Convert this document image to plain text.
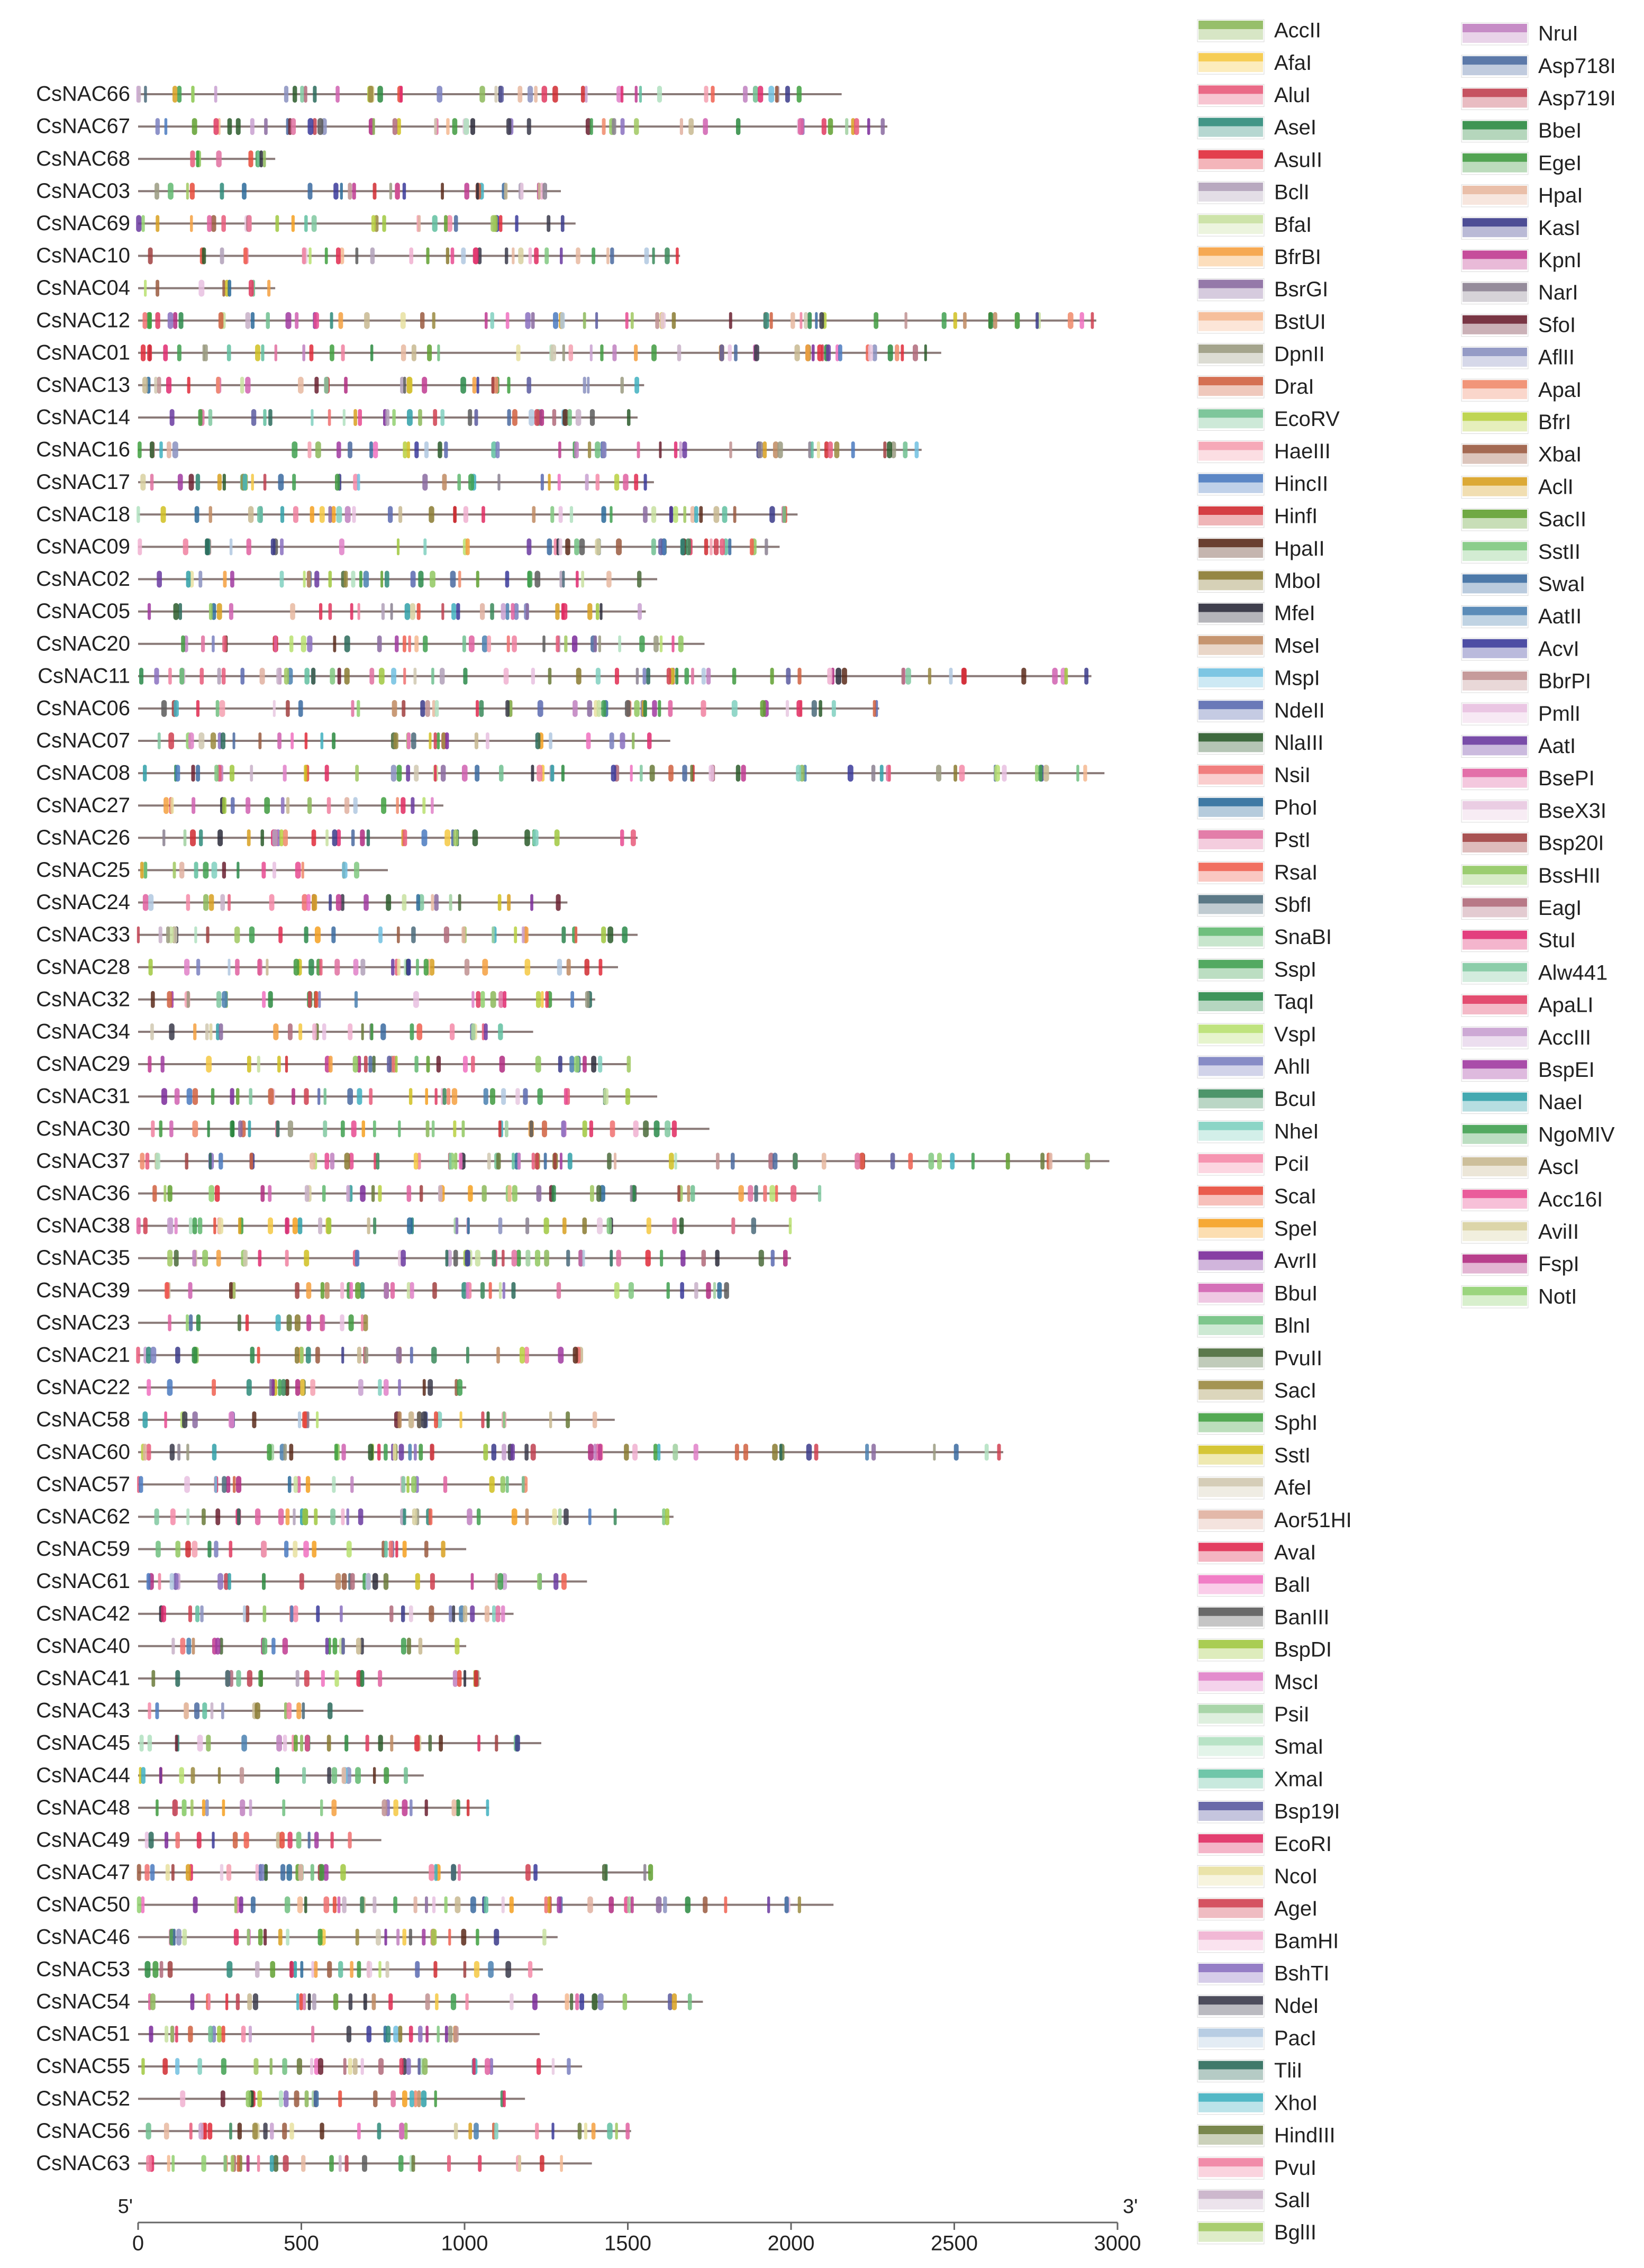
CsNAC66
CsNAC67
CsNAC68
CsNAC03
CsNAC69
CsNAC10
CsNAC04
CsNAC12
CsNAC01
CsNAC13
CsNAC14
CsNAC16
CsNAC17
CsNAC18
CsNAC09
CsNAC02
CsNAC05
CsNAC20
CsNAC11
CsNAC06
CsNAC07
CsNAC08
CsNAC27
CsNAC26
CsNAC25
CsNAC24
CsNAC33
CsNAC28
CsNAC32
CsNAC34
CsNAC29
CsNAC31
CsNAC30
CsNAC37
CsNAC36
CsNAC38
CsNAC35
CsNAC39
CsNAC23
CsNAC21
CsNAC22
CsNAC58
CsNAC60
CsNAC57
CsNAC62
CsNAC59
CsNAC61
CsNAC42
CsNAC40
CsNAC41
CsNAC43
CsNAC45
CsNAC44
CsNAC48
CsNAC49
CsNAC47
CsNAC50
CsNAC46
CsNAC53
CsNAC54
CsNAC51
CsNAC55
CsNAC52
CsNAC56
CsNAC63
0	500	1000	1500	2000	2500	3000
5'	3'
AccII
AfaI
AluI
AseI
AsuII
BclI
BfaI
BfrBI
BsrGI
BstUI
DpnII
DraI
EcoRV
HaeIII
HincII
HinfI
HpaII
MboI
MfeI
MseI
MspI
NdeII
NlaIII
NsiI
PhoI
PstI
RsaI
SbfI
SnaBI
SspI
TaqI
VspI
AhlI
BcuI
NheI
PciI
ScaI
SpeI
AvrII
BbuI
BlnI
PvuII
SacI
SphI
SstI
AfeI
Aor51HI
AvaI
BalI
BanIII
BspDI
MscI
PsiI
SmaI
XmaI
Bsp19I
EcoRI
NcoI
AgeI
BamHI
BshTI
NdeI
PacI
TliI
XhoI
HindIII
PvuI
SalI
BglII
NruI
Asp718I
Asp719I
BbeI
EgeI
HpaI
KasI
KpnI
NarI
SfoI
AflII
ApaI
BfrI
XbaI
AclI
SacII
SstII
SwaI
AatII
AcvI
BbrPI
PmlI
AatI
BsePI
BseX3I
Bsp20I
BssHII
EagI
StuI
Alw441
ApaLI
AccIII
BspEI
NaeI
NgoMIV
AscI
Acc16I
AviII
FspI
NotI
